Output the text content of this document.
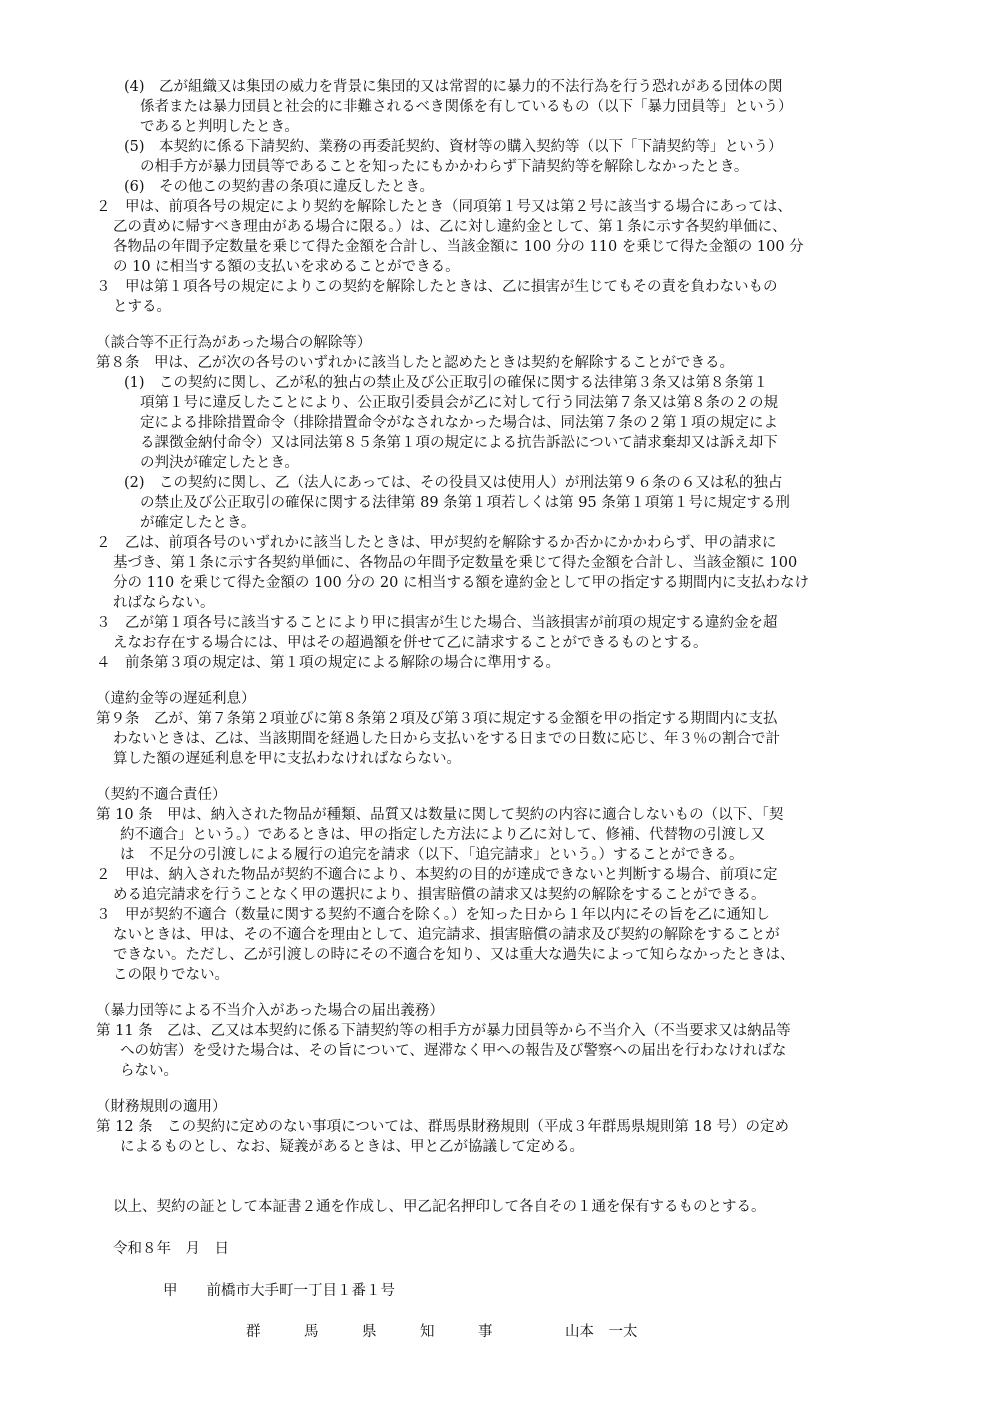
(4)　乙が組織又は集団の威力を背景に集団的又は常習的に暴力的不法行為を行う恐れがある団体の関
係者または暴力団員と社会的に非難されるべき関係を有しているもの（以下「暴力団員等」という）
であると判明したとき。
(5)　本契約に係る下請契約、業務の再委託契約、資材等の購入契約等（以下「下請契約等」という）
の相手方が暴力団員等であることを知ったにもかかわらず下請契約等を解除しなかったとき。
(6)　その他この契約書の条項に違反したとき。
２　甲は、前項各号の規定により契約を解除したとき（同項第１号又は第２号に該当する場合にあっては、
乙の責めに帰すべき理由がある場合に限る。）は、乙に対し違約金として、第１条に示す各契約単価に、
各物品の年間予定数量を乗じて得た金額を合計し、当該金額に 100 分の 110 を乗じて得た金額の 100 分
の 10 に相当する額の支払いを求めることができる。
３　甲は第１項各号の規定によりこの契約を解除したときは、乙に損害が生じてもその責を負わないもの
とする。
（談合等不正行為があった場合の解除等）
第８条　甲は、乙が次の各号のいずれかに該当したと認めたときは契約を解除することができる。
(1)　この契約に関し、乙が私的独占の禁止及び公正取引の確保に関する法律第３条又は第８条第１
項第１号に違反したことにより、公正取引委員会が乙に対して行う同法第７条又は第８条の２の規
定による排除措置命令（排除措置命令がなされなかった場合は、同法第７条の２第１項の規定によ
る課徴金納付命令）又は同法第８５条第１項の規定による抗告訴訟について請求棄却又は訴え却下
の判決が確定したとき。
(2)　この契約に関し、乙（法人にあっては、その役員又は使用人）が刑法第９６条の６又は私的独占
の禁止及び公正取引の確保に関する法律第 89 条第１項若しくは第 95 条第１項第１号に規定する刑
が確定したとき。
２　乙は、前項各号のいずれかに該当したときは、甲が契約を解除するか否かにかかわらず、甲の請求に
基づき、第１条に示す各契約単価に、各物品の年間予定数量を乗じて得た金額を合計し、当該金額に 100
分の 110 を乗じて得た金額の 100 分の 20 に相当する額を違約金として甲の指定する期間内に支払わなけ
ればならない。
３　乙が第１項各号に該当することにより甲に損害が生じた場合、当該損害が前項の規定する違約金を超
えなお存在する場合には、甲はその超過額を併せて乙に請求することができるものとする。
４　前条第３項の規定は、第１項の規定による解除の場合に準用する。
（違約金等の遅延利息）
第９条　乙が、第７条第２項並びに第８条第２項及び第３項に規定する金額を甲の指定する期間内に支払
わないときは、乙は、当該期間を経過した日から支払いをする日までの日数に応じ、年３％の割合で計
算した額の遅延利息を甲に支払わなければならない。
（契約不適合責任）
第 10 条　甲は、納入された物品が種類、品質又は数量に関して契約の内容に適合しないもの（以下、「契
約不適合」という。）であるときは、甲の指定した方法により乙に対して、修補、代替物の引渡し又
は　不足分の引渡しによる履行の追完を請求（以下、「追完請求」という。）することができる。
２　甲は、納入された物品が契約不適合により、本契約の目的が達成できないと判断する場合、前項に定
める追完請求を行うことなく甲の選択により、損害賠償の請求又は契約の解除をすることができる。
３　甲が契約不適合（数量に関する契約不適合を除く。）を知った日から１年以内にその旨を乙に通知し
ないときは、甲は、その不適合を理由として、追完請求、損害賠償の請求及び契約の解除をすることが
できない。ただし、乙が引渡しの時にその不適合を知り、又は重大な過失によって知らなかったときは、
この限りでない。
（暴力団等による不当介入があった場合の届出義務）
第 11 条　乙は、乙又は本契約に係る下請契約等の相手方が暴力団員等から不当介入（不当要求又は納品等
への妨害）を受けた場合は、その旨について、遅滞なく甲への報告及び警察への届出を行わなければな
らない。
（財務規則の適用）
第 12 条　この契約に定めのない事項については、群馬県財務規則（平成３年群馬県規則第 18 号）の定め
によるものとし、なお、疑義があるときは、甲と乙が協議して定める。
以上、契約の証として本証書２通を作成し、甲乙記名押印して各自その１通を保有するものとする。
令和８年　月　日
甲　　前橋市大手町一丁目１番１号
群　　　馬　　　県　　　知　　　事　　　　　山本　一太
